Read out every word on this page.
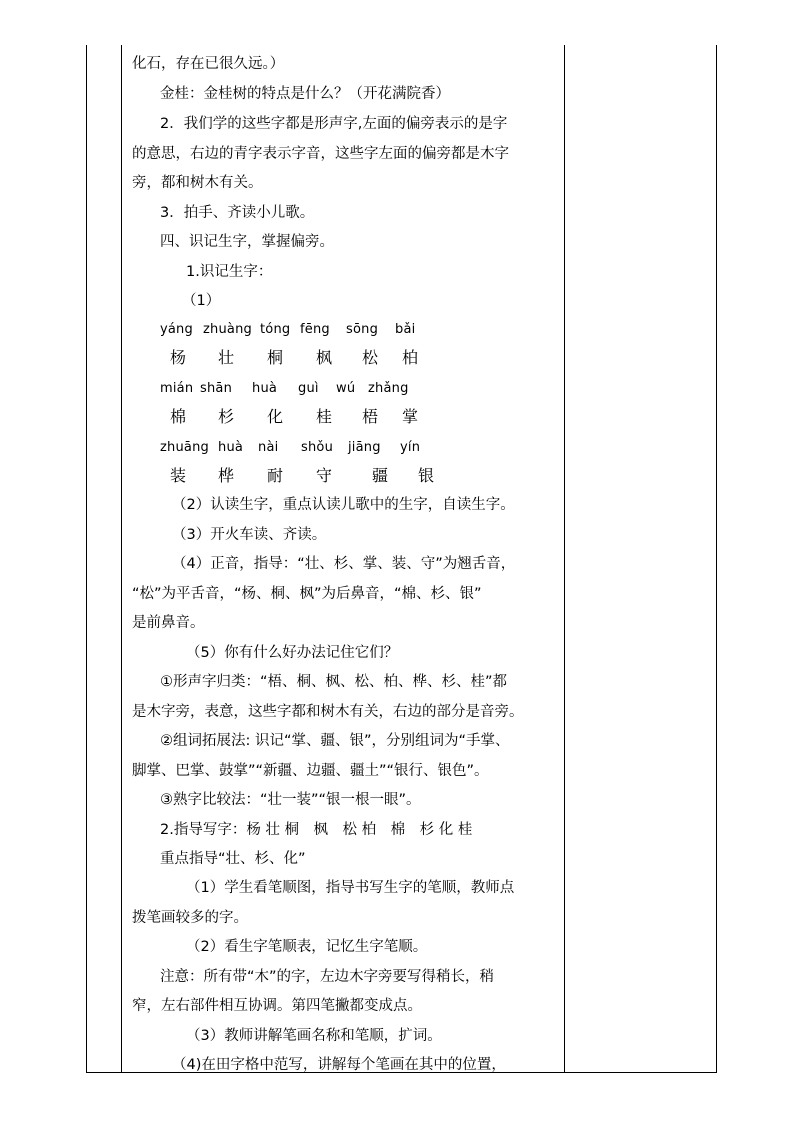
化石，存在已很久远。）
金桂：金桂树的特点是什么？（开花满院香）
2．我们学的这些字都是形声字,左面的偏旁表示的是字
的意思，右边的青字表示字音，这些字左面的偏旁都是木字
旁，都和树木有关。
3．拍手、齐读小儿歌。
四、识记生字，掌握偏旁。
1.识记生字：
（1）
yáng zhuàng tóng fēng sōng bǎi
杨 壮 桐 枫 松 柏
mián shān huà guì wú zhǎng
棉 杉 化 桂 梧 掌
zhuāng huà nài shǒu jiāng yín
装 桦 耐 守 疆 银
（2）认读生字，重点认读儿歌中的生字，自读生字。
（3）开火车读、齐读。
（4）正音，指导：“壮、杉、掌、装、守”为翘舌音，
“松”为平舌音，“杨、桐、枫”为后鼻音，“棉、杉、银”
是前鼻音。
（5）你有什么好办法记住它们？
①形声字归类：“梧、桐、枫、松、柏、桦、杉、桂”都
是木字旁，表意，这些字都和树木有关，右边的部分是音旁。
②组词拓展法: 识记“掌、疆、银”，分别组词为“手掌、
脚掌、巴掌、鼓掌”“新疆、边疆、疆土”“银行、银色”。
③熟字比较法：“壮一装”“银一根一眼”。
2.指导写字：杨 壮 桐　枫　松 柏　棉　杉 化 桂
重点指导“壮、杉、化”
（1）学生看笔顺图，指导书写生字的笔顺，教师点
拨笔画较多的字。
（2）看生字笔顺表，记忆生字笔顺。
注意：所有带“木”的字，左边木字旁要写得稍长，稍
窄，左右部件相互协调。第四笔撇都变成点。
（3）教师讲解笔画名称和笔顺，扩词。
（4)在田字格中范写，讲解每个笔画在其中的位置，
